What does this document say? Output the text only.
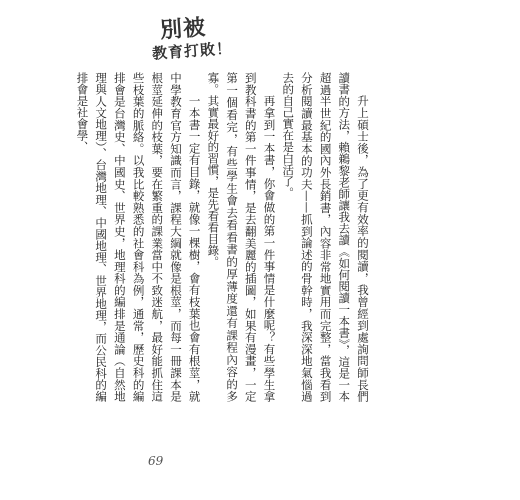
別被
教育打敗！

升上碩士後，為了更有效率的閱讀，我曾經到處詢問師長們讀書的方法，賴鵜黎老師讓我去讀《如何閱讀一本書》，這是一本超過半世紀的國內外長銷書，內容非常地實用而完整，當我看到分析閱讀最基本的功夫——抓到論述的骨幹時，我深深地氣惱過去的自己實在是白活了。

再拿到一本書，你會做的第一件事情是什麼呢？有些學生拿到教科書的第一件事情，是去翻美麗的插圖，如果有漫畫，一定第一個看完，有些學生會去看看書的厚薄度還有課程內容的多寡。其實最好的習慣，是先看看目錄。

一本書一定有目錄，就像一棵樹，會有枝葉也會有根莖，就中學教育官方知識而言，課程大綱就像是根莖，而每一冊課本是根莖延伸的枝葉，要在繁重的課業當中不致迷航，最好能抓住這些枝葉的脈絡。以我比較熟悉的社會科為例，通常，歷史科的編排會是台灣史、中國史、世界史，地理科的編排是通論（自然地理與人文地理）、台灣地理、中國地理、世界地理，而公民科的編排會是社會學、

69
